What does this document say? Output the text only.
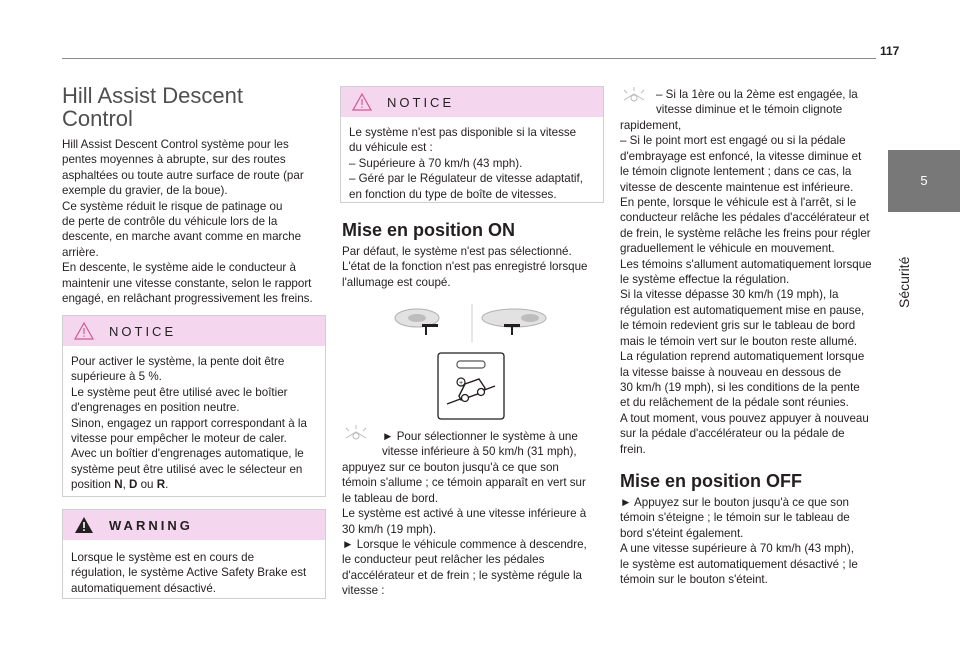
117
5
Sécurité
Hill Assist Descent
Control

Hill Assist Descent Control système pour les

pentes moyennes à abrupte, sur des routes

asphaltées ou toute autre surface de route (par

exemple du gravier, de la boue).

Ce système réduit le risque de patinage ou

de perte de contrôle du véhicule lors de la

descente, en marche avant comme en marche

arrière.

En descente, le système aide le conducteur à

maintenir une vitesse constante, selon le rapport

engagé, en relâchant progressivement les freins.

NOTICE

Pour activer le système, la pente doit être

supérieure à 5 %.

Le système peut être utilisé avec le boîtier

d'engrenages en position neutre.

Sinon, engagez un rapport correspondant à la

vitesse pour empêcher le moteur de caler.

Avec un boîtier d'engrenages automatique, le

système peut être utilisé avec le sélecteur en

position N, D ou R.

WARNING

Lorsque le système est en cours de

régulation, le système Active Safety Brake est

automatiquement désactivé.

NOTICE

Le système n'est pas disponible si la vitesse

du véhicule est :

– Supérieure à 70 km/h (43 mph).

– Géré par le Régulateur de vitesse adaptatif,

en fonction du type de boîte de vitesses.

Mise en position ON

Par défaut, le système n'est pas sélectionné.

L'état de la fonction n'est pas enregistré lorsque

l'allumage est coupé.

+

► Pour sélectionner le système à une

vitesse inférieure à 50 km/h (31 mph),

appuyez sur ce bouton jusqu'à ce que son

témoin s'allume ; ce témoin apparaît en vert sur

le tableau de bord.

Le système est activé à une vitesse inférieure à

30 km/h (19 mph).

► Lorsque le véhicule commence à descendre,

le conducteur peut relâcher les pédales

d'accélérateur et de frein ; le système régule la

vitesse :

– Si la 1ère ou la 2ème est engagée, la

vitesse diminue et le témoin clignote

rapidement,

– Si le point mort est engagé ou si la pédale

d'embrayage est enfoncé, la vitesse diminue et

le témoin clignote lentement ; dans ce cas, la

vitesse de descente maintenue est inférieure.

En pente, lorsque le véhicule est à l'arrêt, si le

conducteur relâche les pédales d'accélérateur et

de frein, le système relâche les freins pour régler

graduellement le véhicule en mouvement.

Les témoins s'allument automatiquement lorsque

le système effectue la régulation.

Si la vitesse dépasse 30 km/h (19 mph), la

régulation est automatiquement mise en pause,

le témoin redevient gris sur le tableau de bord

mais le témoin vert sur le bouton reste allumé.

La régulation reprend automatiquement lorsque

la vitesse baisse à nouveau en dessous de

30 km/h (19 mph), si les conditions de la pente

et du relâchement de la pédale sont réunies.

A tout moment, vous pouvez appuyer à nouveau

sur la pédale d'accélérateur ou la pédale de

frein.

Mise en position OFF

► Appuyez sur le bouton jusqu'à ce que son

témoin s'éteigne ; le témoin sur le tableau de

bord s'éteint également.

A une vitesse supérieure à 70 km/h (43 mph),

le système est automatiquement désactivé ; le

témoin sur le bouton s'éteint.
